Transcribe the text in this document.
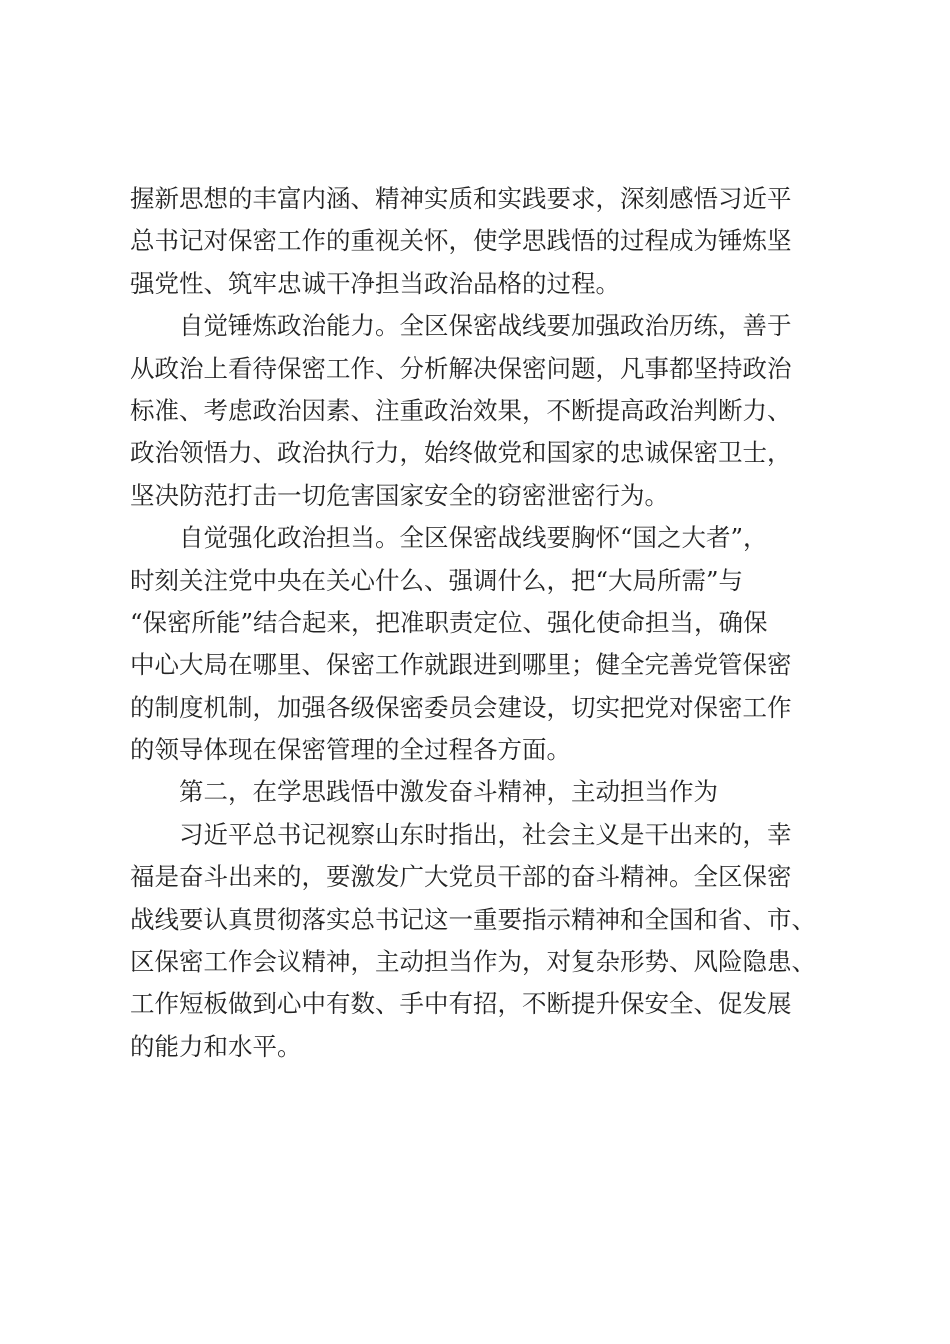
握新思想的丰富内涵、精神实质和实践要求，深刻感悟习近平
总书记对保密工作的重视关怀，使学思践悟的过程成为锤炼坚
强党性、筑牢忠诚干净担当政治品格的过程。
自觉锤炼政治能力。全区保密战线要加强政治历练，善于
从政治上看待保密工作、分析解决保密问题，凡事都坚持政治
标准、考虑政治因素、注重政治效果，不断提高政治判断力、
政治领悟力、政治执行力，始终做党和国家的忠诚保密卫士，
坚决防范打击一切危害国家安全的窃密泄密行为。
自觉强化政治担当。全区保密战线要胸怀“国之大者”，
时刻关注党中央在关心什么、强调什么，把“大局所需”与
“保密所能”结合起来，把准职责定位、强化使命担当，确保
中心大局在哪里、保密工作就跟进到哪里；健全完善党管保密
的制度机制，加强各级保密委员会建设，切实把党对保密工作
的领导体现在保密管理的全过程各方面。
第二，在学思践悟中激发奋斗精神，主动担当作为
习近平总书记视察山东时指出，社会主义是干出来的，幸
福是奋斗出来的，要激发广大党员干部的奋斗精神。全区保密
战线要认真贯彻落实总书记这一重要指示精神和全国和省、市、
区保密工作会议精神，主动担当作为，对复杂形势、风险隐患、
工作短板做到心中有数、手中有招，不断提升保安全、促发展
的能力和水平。
